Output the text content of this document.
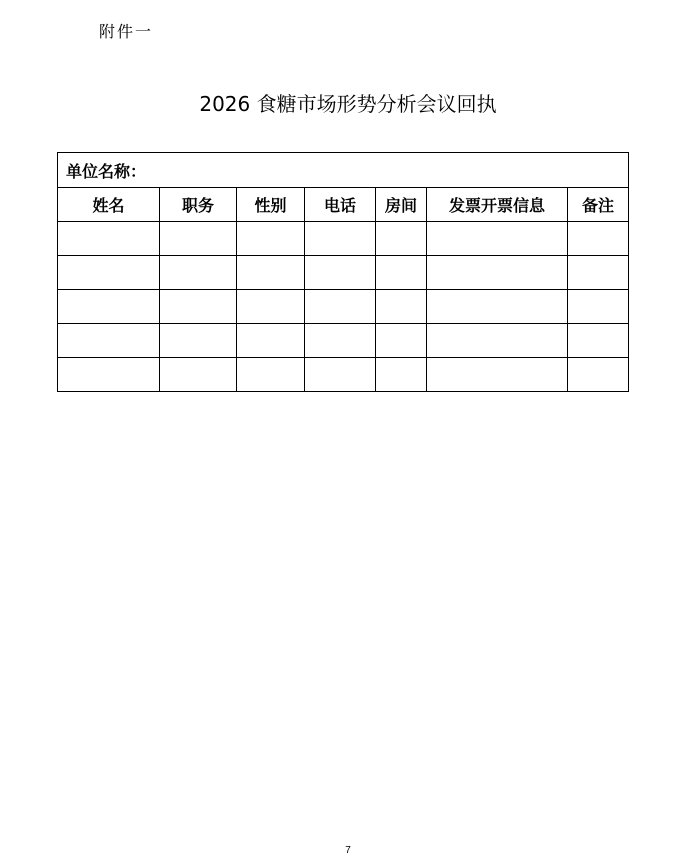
附件一
2026 食糖市场形势分析会议回执
单位名称：						
姓名	职务	性别	电话	房间	发票开票信息	备注

7
